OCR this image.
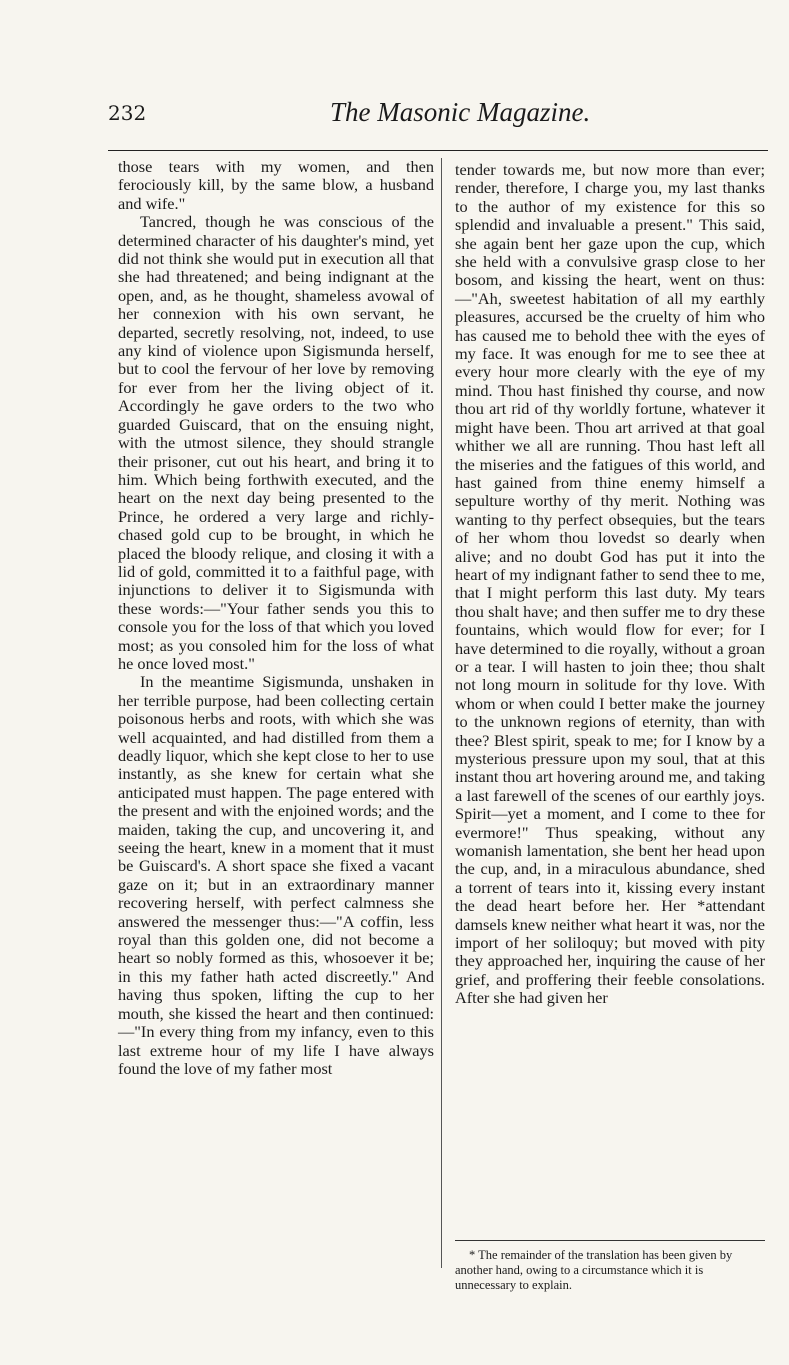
232	The Masonic Magazine.

those tears with my women, and then ferociously kill, by the same blow, a husband and wife."

Tancred, though he was conscious of the determined character of his daughter's mind, yet did not think she would put in execution all that she had threatened; and being indignant at the open, and, as he thought, shameless avowal of her connexion with his own servant, he departed, secretly resolving, not, indeed, to use any kind of violence upon Sigismunda herself, but to cool the fervour of her love by removing for ever from her the living object of it. Accordingly he gave orders to the two who guarded Guiscard, that on the ensuing night, with the utmost silence, they should strangle their prisoner, cut out his heart, and bring it to him. Which being forthwith executed, and the heart on the next day being presented to the Prince, he ordered a very large and richly-chased gold cup to be brought, in which he placed the bloody relique, and closing it with a lid of gold, committed it to a faithful page, with injunctions to deliver it to Sigismunda with these words:—"Your father sends you this to console you for the loss of that which you loved most; as you consoled him for the loss of what he once loved most."

In the meantime Sigismunda, unshaken in her terrible purpose, had been collecting certain poisonous herbs and roots, with which she was well acquainted, and had distilled from them a deadly liquor, which she kept close to her to use instantly, as she knew for certain what she anticipated must happen. The page entered with the present and with the enjoined words; and the maiden, taking the cup, and uncovering it, and seeing the heart, knew in a moment that it must be Guiscard's. A short space she fixed a vacant gaze on it; but in an extraordinary manner recovering herself, with perfect calmness she answered the messenger thus:—"A coffin, less royal than this golden one, did not become a heart so nobly formed as this, whosoever it be; in this my father hath acted discreetly." And having thus spoken, lifting the cup to her mouth, she kissed the heart and then continued:—"In every thing from my infancy, even to this last extreme hour of my life I have always found the love of my father most

tender towards me, but now more than ever; render, therefore, I charge you, my last thanks to the author of my existence for this so splendid and invaluable a present." This said, she again bent her gaze upon the cup, which she held with a convulsive grasp close to her bosom, and kissing the heart, went on thus:—"Ah, sweetest habitation of all my earthly pleasures, accursed be the cruelty of him who has caused me to behold thee with the eyes of my face. It was enough for me to see thee at every hour more clearly with the eye of my mind. Thou hast finished thy course, and now thou art rid of thy worldly fortune, whatever it might have been. Thou art arrived at that goal whither we all are running. Thou hast left all the miseries and the fatigues of this world, and hast gained from thine enemy himself a sepulture worthy of thy merit. Nothing was wanting to thy perfect obsequies, but the tears of her whom thou lovedst so dearly when alive; and no doubt God has put it into the heart of my indignant father to send thee to me, that I might perform this last duty. My tears thou shalt have; and then suffer me to dry these fountains, which would flow for ever; for I have determined to die royally, without a groan or a tear. I will hasten to join thee; thou shalt not long mourn in solitude for thy love. With whom or when could I better make the journey to the unknown regions of eternity, than with thee? Blest spirit, speak to me; for I know by a mysterious pressure upon my soul, that at this instant thou art hovering around me, and taking a last farewell of the scenes of our earthly joys. Spirit—yet a moment, and I come to thee for evermore!" Thus speaking, without any womanish lamentation, she bent her head upon the cup, and, in a miraculous abundance, shed a torrent of tears into it, kissing every instant the dead heart before her. Her *attendant damsels knew neither what heart it was, nor the import of her soliloquy; but moved with pity they approached her, inquiring the cause of her grief, and proffering their feeble consolations. After she had given her

* The remainder of the translation has been given by another hand, owing to a circumstance which it is unnecessary to explain.
